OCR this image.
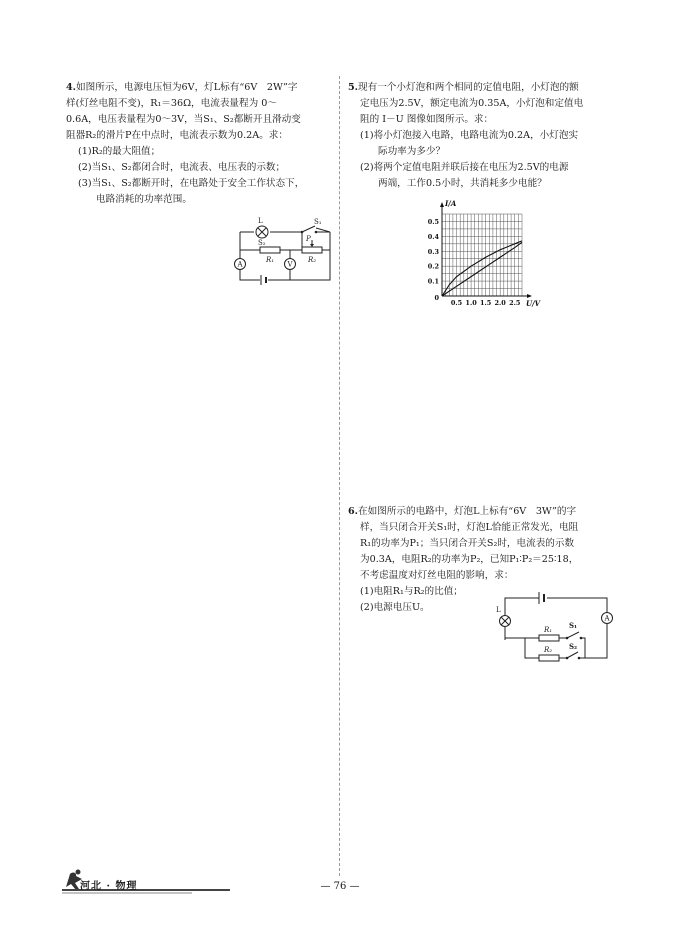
4.如图所示，电源电压恒为6V，灯L标有“6V　2W”字

样(灯丝电阻不变)，R₁＝36Ω，电流表量程为 0～

0.6A，电压表量程为0～3V，当S₁、S₂都断开且滑动变

阻器R₂的滑片P在中点时，电流表示数为0.2A。求：

(1)R₂的最大阻值；

(2)当S₁、S₂都闭合时，电流表、电压表的示数；

(3)当S₁、S₂都断开时，在电路处于安全工作状态下，

电路消耗的功率范围。

L	S₁
S₂
R₁	R₂
P
A	V

5.现有一个小灯泡和两个相同的定值电阻，小灯泡的额

定电压为2.5V，额定电流为0.35A，小灯泡和定值电

阻的 I－U 图像如图所示。求：

(1)将小灯泡接入电路，电路电流为0.2A，小灯泡实

际功率为多少？

(2)将两个定值电阻并联后接在电压为2.5V的电源

两端，工作0.5小时，共消耗多少电能？

0.5 1.0 1.5 2.0 2.5
0.1
0.2
0.3
0.4
0.5
0
U/V
I/A

6.在如图所示的电路中，灯泡L上标有“6V　3W”的字

样，当只闭合开关S₁时，灯泡L恰能正常发光，电阻

R₁的功率为P₁；当只闭合开关S₂时，电流表的示数

为0.3A，电阻R₂的功率为P₂，已知P₁∶P₂＝25∶18，

不考虑温度对灯丝电阻的影响，求：

(1)电阻R₁与R₂的比值；

(2)电源电压U。	L
A
R₁ S₁
R₂ S₂
河北 · 物理	— 76 —
